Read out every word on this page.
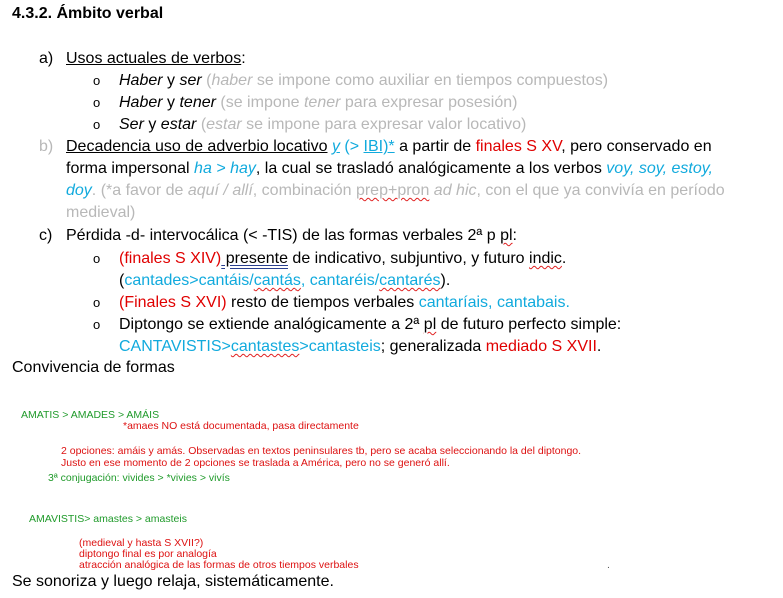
4.3.2. Ámbito verbal
a) Usos actuales de verbos:
o Haber y ser (haber se impone como auxiliar en tiempos compuestos)
o Haber y tener (se impone tener para expresar posesión)
o Ser y estar (estar se impone para expresar valor locativo)
b) Decadencia uso de adverbio locativo y (> IBI)* a partir de finales S XV, pero conservado en
forma impersonal ha > hay, la cual se trasladó analógicamente a los verbos voy, soy, estoy,
doy. (*a favor de aquí / allí, combinación prep+pron ad hic, con el que ya convivía en período
medieval)
c) Pérdida -d- intervocálica (< -TIS) de las formas verbales 2ª p pl:
o (finales S XIV) presente de indicativo, subjuntivo, y futuro indic.
(cantades>cantáis/cantás, cantaréis/cantarés).
o (Finales S XVI) resto de tiempos verbales cantaríais, cantabais.
o Diptongo se extiende analógicamente a 2ª pl de futuro perfecto simple:
CANTAVISTIS>cantastes>cantasteis; generalizada mediado S XVII.
Convivencia de formas
AMATIS > AMADES > AMÁIS
*amaes NO está documentada, pasa directamente
2 opciones: amáis y amás. Observadas en textos peninsulares tb, pero se acaba seleccionando la del diptongo.
Justo en ese momento de 2 opciones se traslada a América, pero no se generó allí.
3ª conjugación: vivides > *vivies > vivís
AMAVISTIS> amastes > amasteis
(medieval y hasta S XVII?)
diptongo final es por analogía
atracción analógica de las formas de otros tiempos verbales	.
Se sonoriza y luego relaja, sistemáticamente.
